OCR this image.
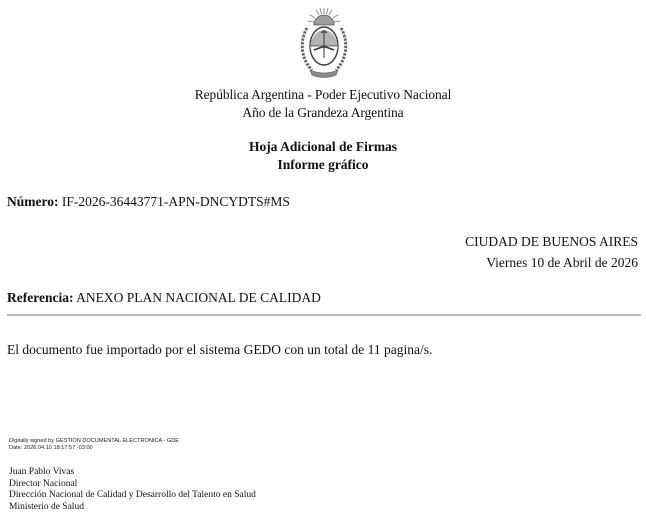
República Argentina - Poder Ejecutivo Nacional
Año de la Grandeza Argentina
Hoja Adicional de Firmas
Informe gráfico
Número: IF-2026-36443771-APN-DNCYDTS#MS
CIUDAD DE BUENOS AIRES
Viernes 10 de Abril de 2026
Referencia: ANEXO PLAN NACIONAL DE CALIDAD
El documento fue importado por el sistema GEDO con un total de 11 pagina/s.
Digitally signed by GESTION DOCUMENTAL ELECTRONICA - GDE
Date: 2026.04.10 18:17:57 -03:00
Juan Pablo Vivas
Director Nacional
Dirección Nacional de Calidad y Desarrollo del Talento en Salud
Ministerio de Salud
